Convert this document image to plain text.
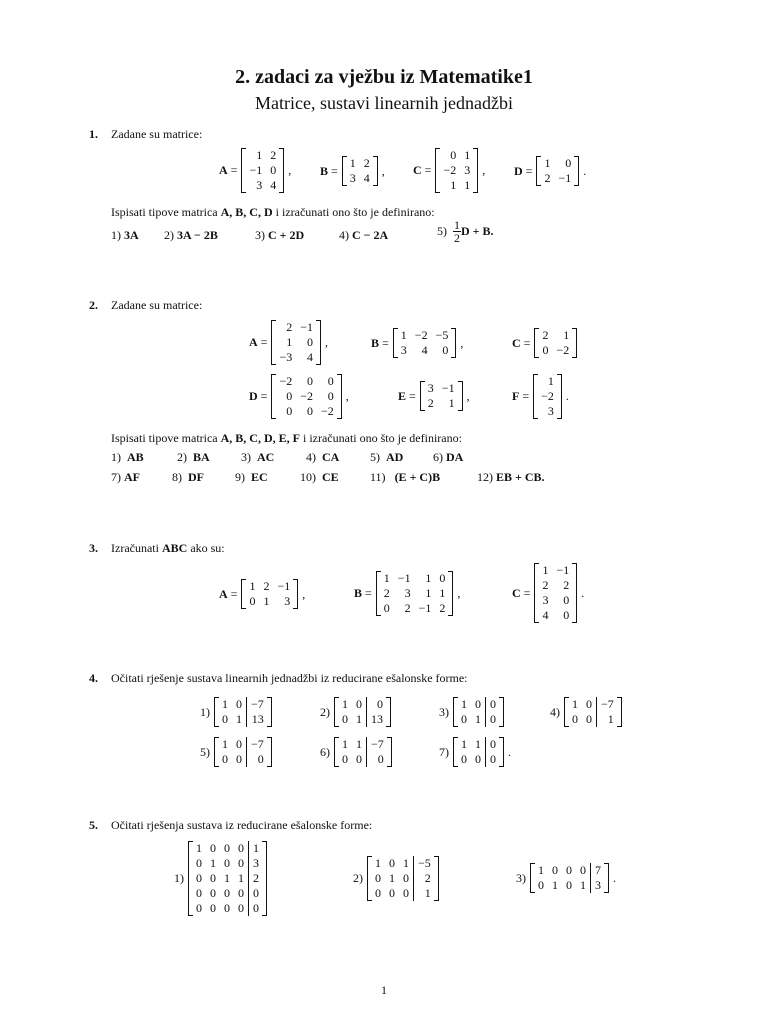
2. zadaci za vježbu iz Matematike1
Matrice, sustavi linearnih jednadžbi
1. Zadane su matrice:
A =
1	2
−1	0
3	4
, B =
1	2
3	4
, C =
0	1
−2	3
1	1
, D =
1	0
2	−1
.
Ispisati tipove matrica A, B, C, D i izračunati ono što je definirano:
1) 3A	2) 3A − 2B	3) C + 2D	4) C − 2A	5)
$\frac{1}{2}$ D + B.
2. Zadane su matrice:
A =
2	−1
1	0
−3	4
,	B =
1	−2	−5
3	4	0
,	C =
2	1
0	−2
D =
−2	0	0
0	−2	0
0	0	−2
,	E =
3	−1
2	1
,	F =
1
−2
3
.
Ispisati tipove matrica A, B, C, D, E, F i izračunati ono što je definirano:
1) AB	2) BA	3) AC	4) CA	5) AD	6) DA
7) AF	8) DF	9) EC	10) CE	11) (E + C)B	12) EB + CB.
3. Izračunati ABC ako su:
A =
1	2	−1
0	1	3
,	B =
1	−1	1	0
2	3	1	1
0	2	−1	2
,	C =
1	−1
2	2
3	0
4	0
.
4. Očitati rješenje sustava linearnih jednadžbi iz reducirane ešalonske forme:
1)
1	0	−7
0	1	13
2)
1	0	0
0	1	13
3)
1	0	0
0	1	0
4)
1	0	−7
0	0	1
5)
1	0	−7
0	0	0
6)
1	1	−7
0	0	0
7)
1	1	0
0	0	0
.
5. Očitati rješenja sustava iz reducirane ešalonske forme:
1)
1	0	0	0	1
0	1	0	0	3
0	0	1	1	2
0	0	0	0	0
0	0	0	0	0
2)
1	0	1	−5
0	1	0	2
0	0	0	1
3)
1	0	0	0	7
0	1	0	1	3
.
1
